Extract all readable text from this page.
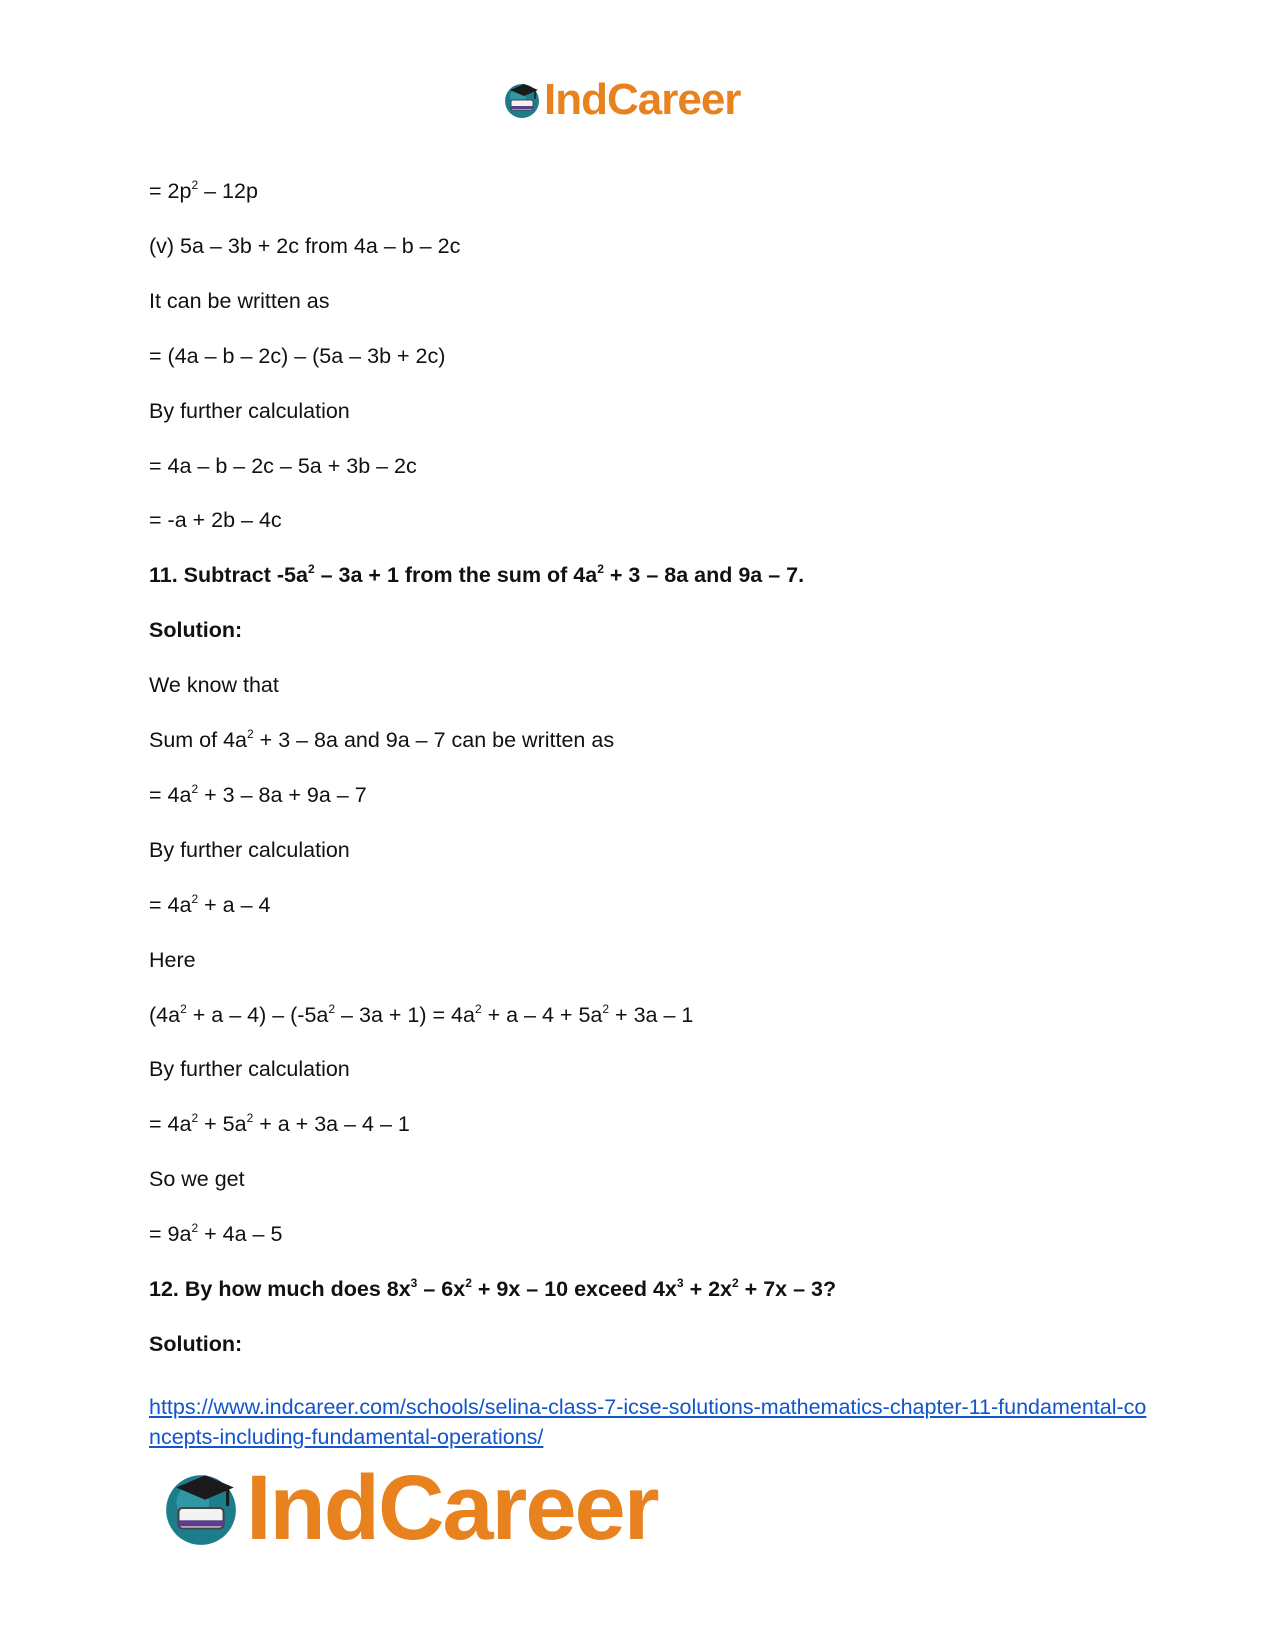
IndCareer
= $2p^2 - 12p$
(v) 5a – 3b + 2c from 4a – b – 2c
It can be written as
= (4a – b – 2c) – (5a – 3b + 2c)
By further calculation
= 4a – b – 2c – 5a + 3b – 2c
= -a + 2b – 4c
11. Subtract $-5a^2 - 3a + 1$ from the sum of $4a^2 + 3 - 8a$ and 9a – 7.
Solution:
We know that
Sum of $4a^2 + 3 - 8a$ and 9a – 7 can be written as
= $4a^2 + 3 - 8a + 9a - 7$
By further calculation
= $4a^2 + a - 4$
Here
$(4a^2 + a - 4) - (-5a^2 - 3a + 1) = 4a^2 + a - 4 + 5a^2 + 3a - 1$
By further calculation
= $4a^2 + 5a^2 + a + 3a - 4 - 1$
So we get
= $9a^2 + 4a - 5$
12. By how much does $8x^3 - 6x^2 + 9x - 10$ exceed $4x^3 + 2x^2 + 7x - 3$?
Solution:
https://www.indcareer.com/schools/selina-class-7-icse-solutions-mathematics-chapter-11-fundamental-concepts-including-fundamental-operations/
IndCareer
